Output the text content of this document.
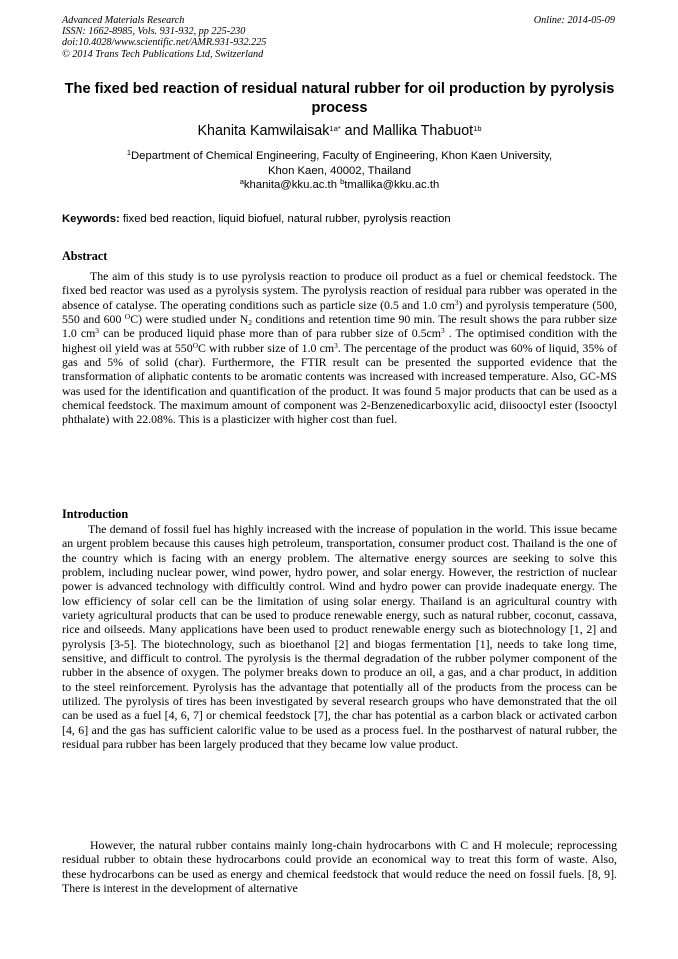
Advanced Materials Research
ISSN: 1662-8985, Vols. 931-932, pp 225-230
doi:10.4028/www.scientific.net/AMR.931-932.225
© 2014 Trans Tech Publications Ltd, Switzerland
Online: 2014-05-09
The fixed bed reaction of residual natural rubber for oil production by pyrolysis process
Khanita Kamwilaisak$^{1a*}$ and Mallika Thabuot$^{1b}$
$^1$Department of Chemical Engineering, Faculty of Engineering, Khon Kaen University,
Khon Kaen, 40002, Thailand
$^a$khanita@kku.ac.th $^b$tmallika@kku.ac.th
Keywords: fixed bed reaction, liquid biofuel, natural rubber, pyrolysis reaction
Abstract
The aim of this study is to use pyrolysis reaction to produce oil product as a fuel or chemical feedstock. The fixed bed reactor was used as a pyrolysis system. The pyrolysis reaction of residual para rubber was operated in the absence of catalyse. The operating conditions such as particle size (0.5 and 1.0 $cm^3$) and pyrolysis temperature (500, 550 and 600 $^O$C) were studied under $N_2$ conditions and retention time 90 min. The result shows the para rubber size 1.0 $cm^3$ can be produced liquid phase more than of para rubber size of $0.5cm^3$ . The optimised condition with the highest oil yield was at $550^OC$ with rubber size of 1.0 $cm^3$. The percentage of the product was 60% of liquid, 35% of gas and 5% of solid (char). Furthermore, the FTIR result can be presented the supported evidence that the transformation of aliphatic contents to be aromatic contents was increased with increased temperature. Also, GC-MS was used for the identification and quantification of the product. It was found 5 major products that can be used as a chemical feedstock. The maximum amount of component was 2-Benzenedicarboxylic acid, diisooctyl ester (Isooctyl phthalate) with 22.08%. This is a plasticizer with higher cost than fuel.
Introduction
The demand of fossil fuel has highly increased with the increase of population in the world. This issue became an urgent problem because this causes high petroleum, transportation, consumer product cost. Thailand is the one of the country which is facing with an energy problem. The alternative energy sources are seeking to solve this problem, including nuclear power, wind power, hydro power, and solar energy. However, the restriction of nuclear power is advanced technology with difficultly control. Wind and hydro power can provide inadequate energy. The low efficiency of solar cell can be the limitation of using solar energy. Thailand is an agricultural country with variety agricultural products that can be used to produce renewable energy, such as natural rubber, coconut, cassava, rice and oilseeds. Many applications have been used to product renewable energy such as biotechnology [1, 2] and pyrolysis [3-5]. The biotechnology, such as bioethanol [2] and biogas fermentation [1], needs to take long time, sensitive, and difficult to control. The pyrolysis is the thermal degradation of the rubber polymer component of the rubber in the absence of oxygen. The polymer breaks down to produce an oil, a gas, and a char product, in addition to the steel reinforcement. Pyrolysis has the advantage that potentially all of the products from the process can be utilized. The pyrolysis of tires has been investigated by several research groups who have demonstrated that the oil can be used as a fuel [4, 6, 7] or chemical feedstock [7], the char has potential as a carbon black or activated carbon [4, 6] and the gas has sufficient calorific value to be used as a process fuel. In the postharvest of natural rubber, the residual para rubber has been largely produced that they became low value product.
However, the natural rubber contains mainly long-chain hydrocarbons with C and H molecule; reprocessing residual rubber to obtain these hydrocarbons could provide an economical way to treat this form of waste. Also, these hydrocarbons can be used as energy and chemical feedstock that would reduce the need on fossil fuels. [8, 9]. There is interest in the development of alternative
